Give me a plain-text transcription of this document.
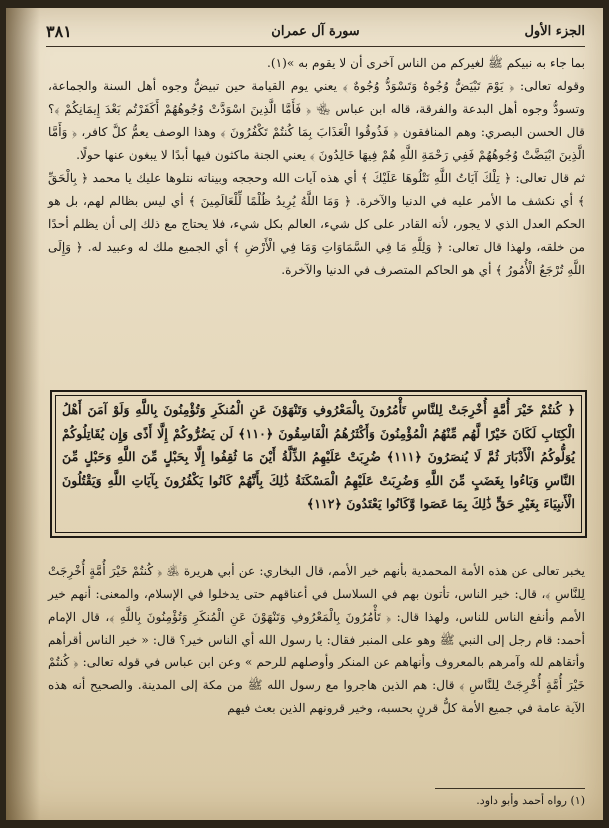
الجزء الأول
سورة آل عمران
٣٨١

بما جاء به نبيكم ﷺ لغيركم من الناس آخرى أن لا يقوم به »(١).

وقوله تعالى: ﴿ يَوْمَ تَبْيَضُّ وُجُوهٌ وَتَسْوَدُّ وُجُوهٌ ﴾ يعني يوم القيامة حين تبيضُّ وجوه أهل السنة والجماعة، وتسودُّ وجوه أهل البدعة والفرقة، قاله ابن عباس ﵄ ﴿ فَأَمَّا الَّذِينَ اسْوَدَّتْ وُجُوهُهُمْ أَكَفَرْتُم بَعْدَ إِيمَانِكُمْ ﴾؟ قال الحسن البصري: وهم المنافقون ﴿ فَذُوقُوا الْعَذَابَ بِمَا كُنتُمْ تَكْفُرُونَ ﴾ وهذا الوصف يعمُّ كلَّ كافر، ﴿ وَأَمَّا الَّذِينَ ابْيَضَّتْ وُجُوهُهُمْ فَفِي رَحْمَةِ اللَّهِ هُمْ فِيهَا خَالِدُونَ ﴾ يعني الجنة ماكثون فيها أبدًا لا يبغون عنها حولًا.

ثم قال تعالى: ﴿ تِلْكَ آيَاتُ اللَّهِ نَتْلُوهَا عَلَيْكَ ﴾ أي هذه آيات الله وحججه وبيناته نتلوها عليك يا محمد ﴿ بِالْحَقِّ ﴾ أي نكشف ما الأمر عليه في الدنيا والآخرة. ﴿ وَمَا اللَّهُ يُرِيدُ ظُلْمًا لِّلْعَالَمِينَ ﴾ أي ليس بظالم لهم، بل هو الحكم العدل الذي لا يجور، لأنه القادر على كل شيء، العالم بكل شيء، فلا يحتاج مع ذلك إلى أن يظلم أحدًا من خلقه، ولهذا قال تعالى: ﴿ وَلِلَّهِ مَا فِي السَّمَاوَاتِ وَمَا فِي الْأَرْضِ ﴾ أي الجميع ملك له وعبيد له. ﴿ وَإِلَى اللَّهِ تُرْجَعُ الْأُمُورُ ﴾ أي هو الحاكم المتصرف في الدنيا والآخرة.

﴿ كُنتُمْ خَيْرَ أُمَّةٍ أُخْرِجَتْ لِلنَّاسِ تَأْمُرُونَ بِالْمَعْرُوفِ وَتَنْهَوْنَ عَنِ الْمُنكَرِ وَتُؤْمِنُونَ بِاللَّهِ وَلَوْ آمَنَ أَهْلُ الْكِتَابِ لَكَانَ خَيْرًا لَّهُم مِّنْهُمُ الْمُؤْمِنُونَ وَأَكْثَرُهُمُ الْفَاسِقُونَ ﴿١١٠﴾ لَن يَضُرُّوكُمْ إِلَّا أَذًى وَإِن يُقَاتِلُوكُمْ يُوَلُّوكُمُ الْأَدْبَارَ ثُمَّ لَا يُنصَرُونَ ﴿١١١﴾ ضُرِبَتْ عَلَيْهِمُ الذِّلَّةُ أَيْنَ مَا ثُقِفُوا إِلَّا بِحَبْلٍ مِّنَ اللَّهِ وَحَبْلٍ مِّنَ النَّاسِ وَبَاءُوا بِغَضَبٍ مِّنَ اللَّهِ وَضُرِبَتْ عَلَيْهِمُ الْمَسْكَنَةُ ذَٰلِكَ بِأَنَّهُمْ كَانُوا يَكْفُرُونَ بِآيَاتِ اللَّهِ وَيَقْتُلُونَ الْأَنبِيَاءَ بِغَيْرِ حَقٍّ ذَٰلِكَ بِمَا عَصَوا وَّكَانُوا يَعْتَدُونَ ﴿١١٢﴾

يخبر تعالى عن هذه الأمة المحمدية بأنهم خير الأمم، قال البخاري: عن أبي هريرة ﵁ ﴿ كُنتُمْ خَيْرَ أُمَّةٍ أُخْرِجَتْ لِلنَّاسِ ﴾، قال: خير الناس، تأتون بهم في السلاسل في أعناقهم حتى يدخلوا في الإسلام، والمعنى: أنهم خير الأمم وأنفع الناس للناس، ولهذا قال: ﴿ تَأْمُرُونَ بِالْمَعْرُوفِ وَتَنْهَوْنَ عَنِ الْمُنكَرِ وَتُؤْمِنُونَ بِاللَّهِ ﴾، قال الإمام أحمد: قام رجل إلى النبي ﷺ وهو على المنبر فقال: يا رسول الله أي الناس خير؟ قال: « خير الناس أقرأهم وأتقاهم لله وآمرهم بالمعروف وأنهاهم عن المنكر وأوصلهم للرحم » وعن ابن عباس في قوله تعالى: ﴿ كُنتُمْ خَيْرَ أُمَّةٍ أُخْرِجَتْ لِلنَّاسِ ﴾ قال: هم الذين هاجروا مع رسول الله ﷺ من مكة إلى المدينة. والصحيح أنه هذه الآية عامة في جميع الأمة كلُّ قرنٍ بحسبه، وخير قرونهم الذين بعث فيهم

(١) رواه أحمد وأبو داود.
